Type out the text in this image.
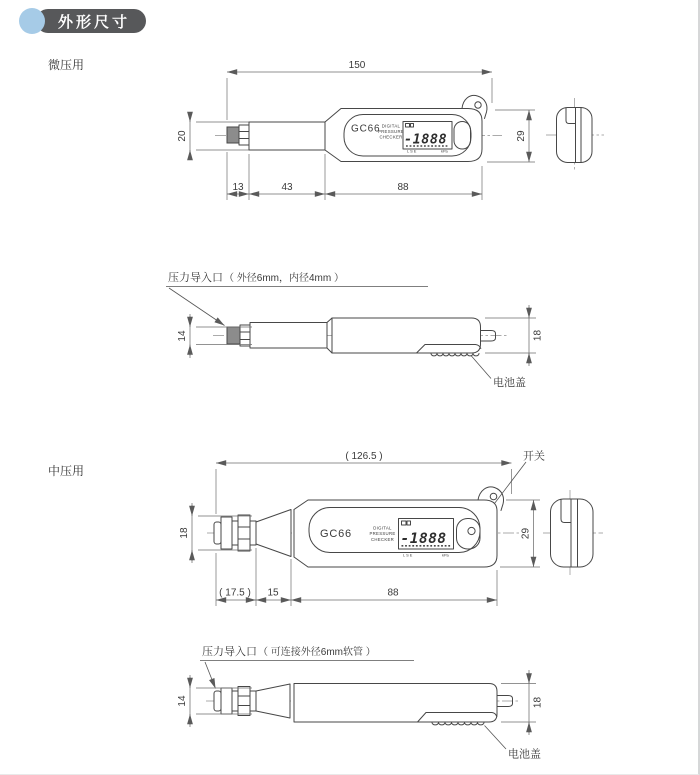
外形尺寸
微压用
中压用
150
20	29
13	43	88
GC66 DIGITAL
PRESSURE
CHECKER -1888
L S E	kPa
压力导入口 （ 外径6mm，内径4mm ）
14	18
电池盖
( 126.5 )	开关
GC66	DIGITAL
PRESSURE
CHECKER -1888
L S E	kPa
18	29
( 17.5 ) 15	88
压力导入口 （ 可连接外径6mm软管 ）
14	18
电池盖
